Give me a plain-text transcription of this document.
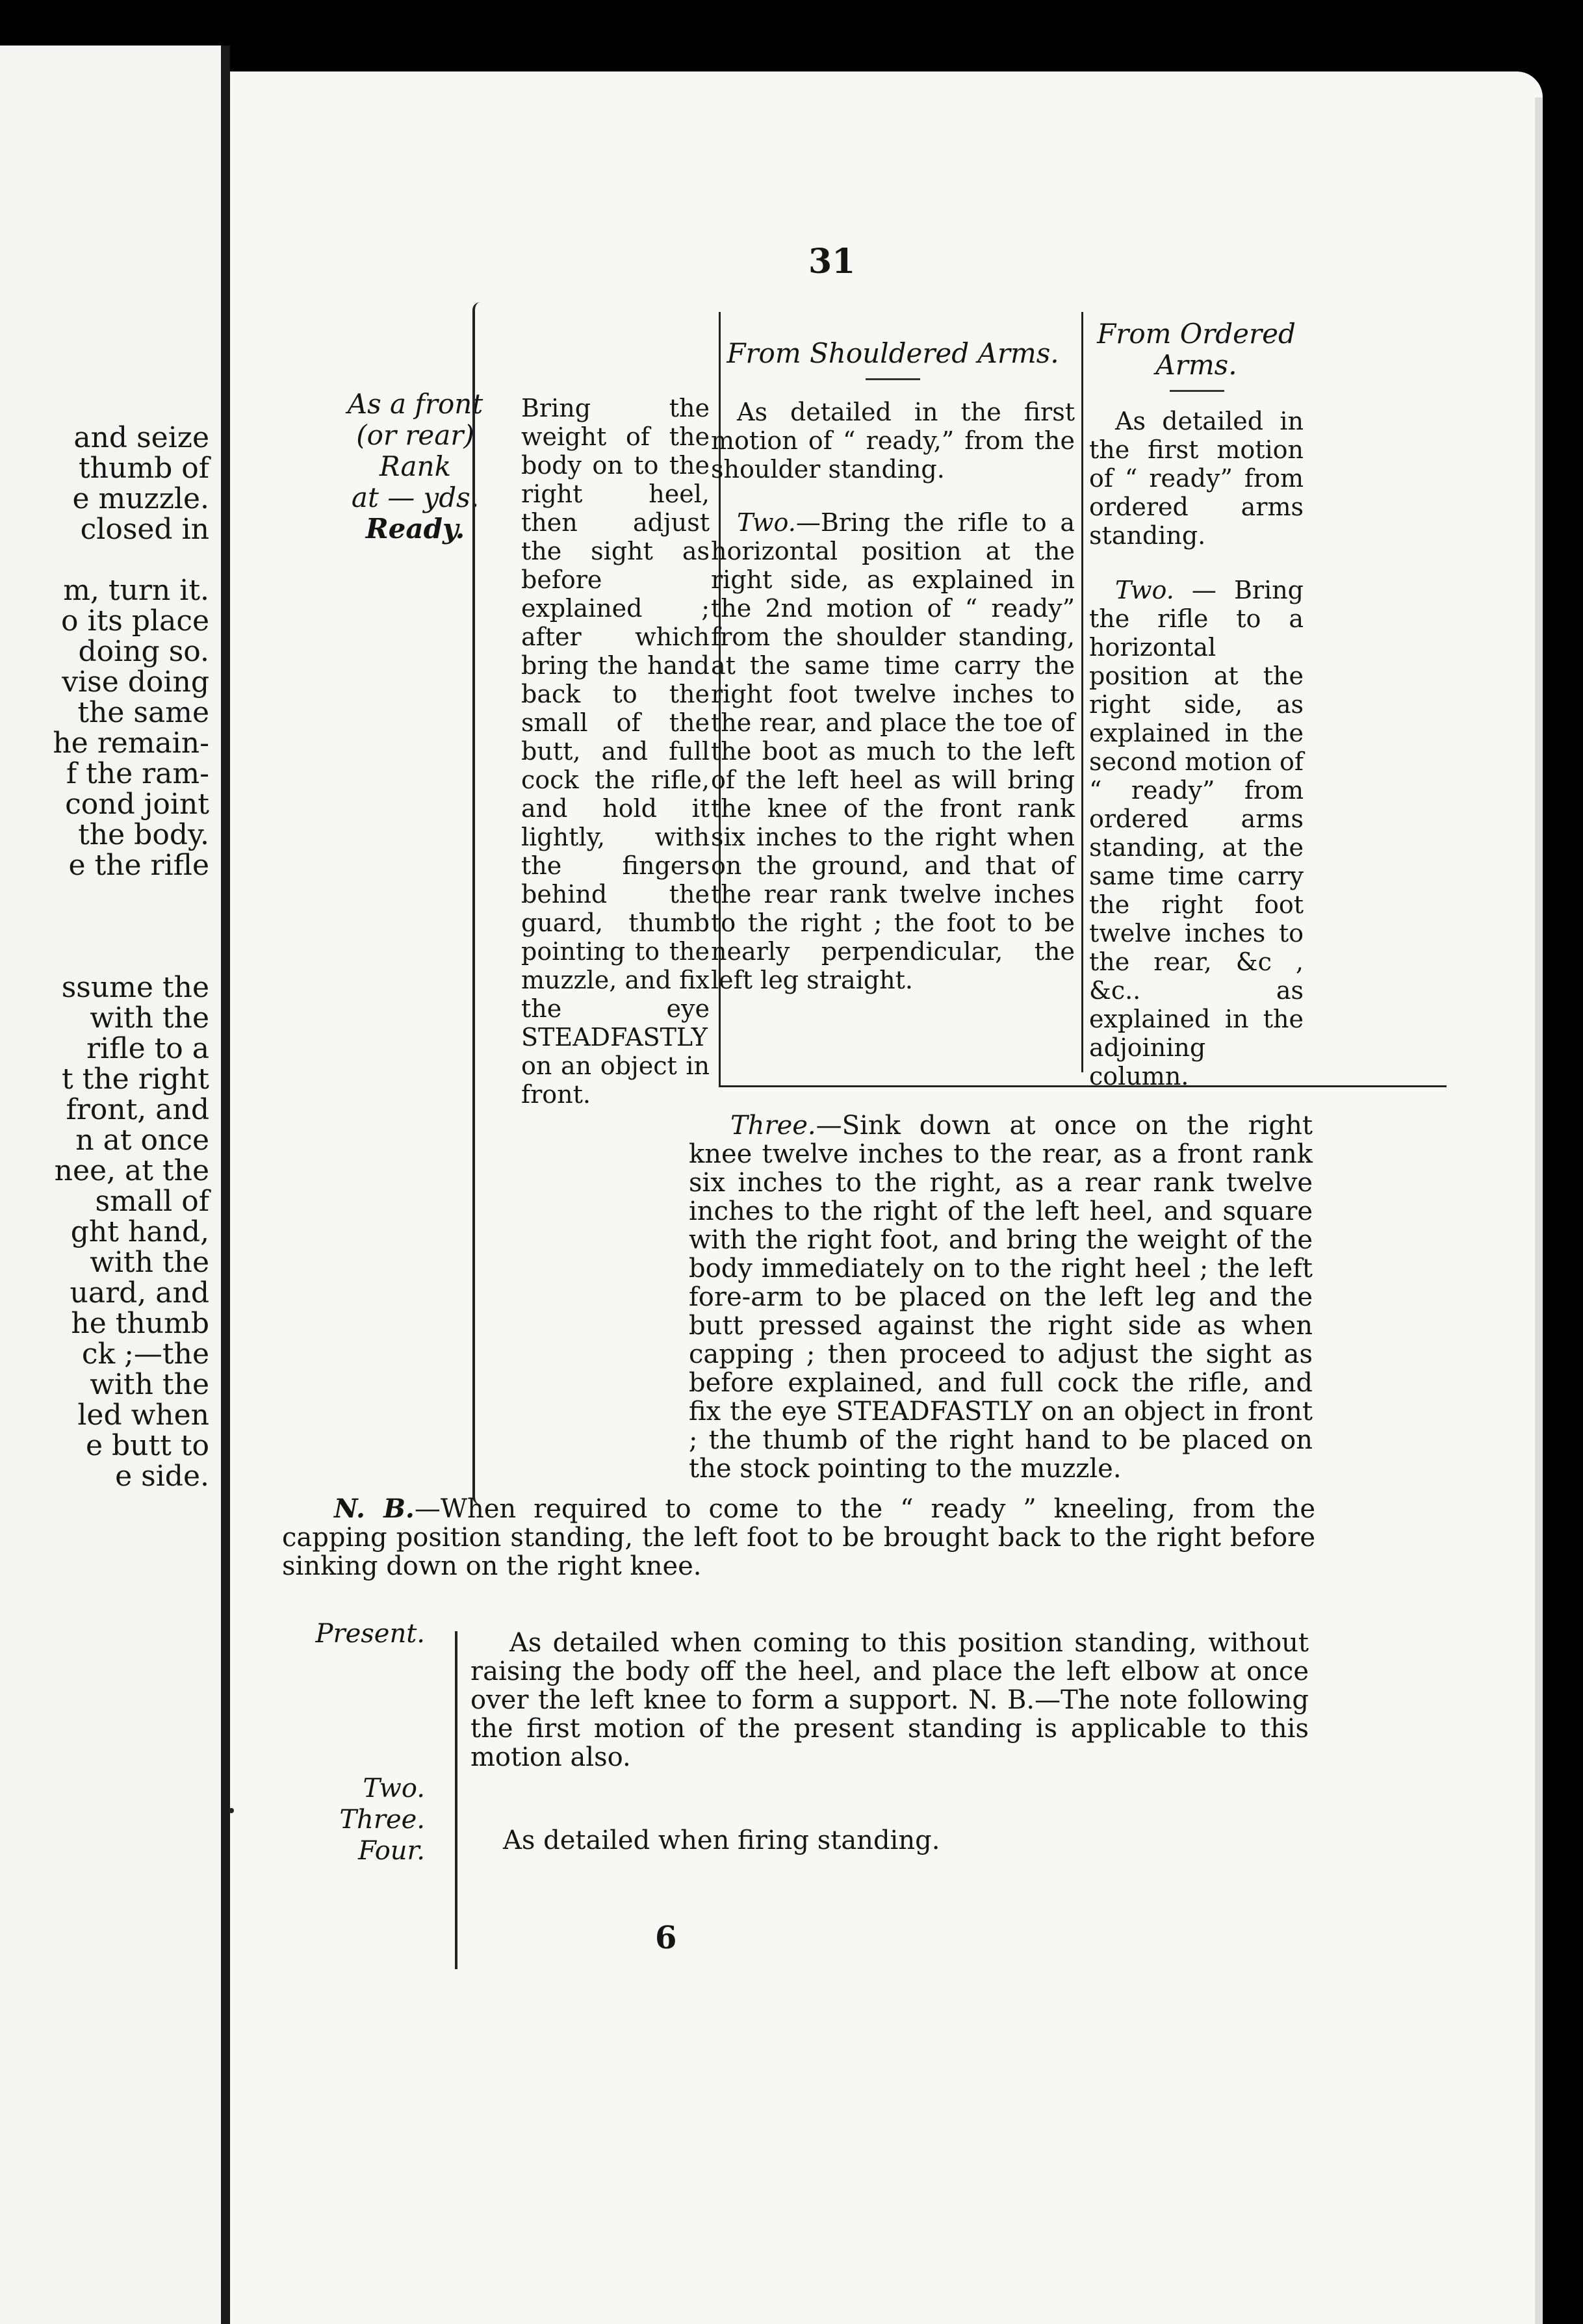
and seize
thumb of
e muzzle.
closed in
m, turn it.
o its place
doing so.
vise doing
the same
he remain-
f the ram-
cond joint
the body.
e the rifle
ssume the
with the
rifle to a
t the right
front, and
n at once
nee, at the
small of
ght hand,
with the
uard, and
he thumb
ck ;—the
with the
led when
e butt to
e side.
31
As a front
(or rear)
Rank
at — yds.
Ready.
Bring the weight of the body on to the right heel, then adjust the sight as before explained ; after which bring the hand back to the small of the butt, and full cock the rifle, and hold it lightly, with the fingers behind the guard, thumb pointing to the muzzle, and fix the eye STEADFASTLY on an object in front.
From Shouldered Arms.
As detailed in the first motion of “ ready,” from the shoulder standing.
Two.—Bring the rifle to a horizontal position at the right side, as explained in the 2nd motion of “ ready” from the shoulder standing, at the same time carry the right foot twelve inches to the rear, and place the toe of the boot as much to the left of the left heel as will bring the knee of the front rank six inches to the right when on the ground, and that of the rear rank twelve inches to the right ; the foot to be nearly perpendicular, the left leg straight.
From Ordered
Arms.
As detailed in the first motion of “ ready” from ordered arms standing.
Two. — Bring the rifle to a horizontal position at the right side, as explained in the second motion of “ ready” from ordered arms standing, at the same time carry the right foot twelve inches to the rear, &c , &c.. as explained in the adjoining column.
Three.—Sink down at once on the right knee twelve inches to the rear, as a front rank six inches to the right, as a rear rank twelve inches to the right of the left heel, and square with the right foot, and bring the weight of the body immediately on to the right heel ; the left fore-arm to be placed on the left leg and the butt pressed against the right side as when capping ; then proceed to adjust the sight as before explained, and full cock the rifle, and fix the eye STEADFASTLY on an object in front ; the thumb of the right hand to be placed on the stock pointing to the muzzle.
N. B.—When required to come to the “ ready ” kneeling, from the capping position standing, the left foot to be brought back to the right before sinking down on the right knee.
Present.	As detailed when coming to this position standing, without raising the body off the heel, and place the left elbow at once over the left knee to form a support. N. B.—The note following the first motion of the present standing is applicable to this motion also.
Two.
Three.
Four.	As detailed when firing standing.
6
